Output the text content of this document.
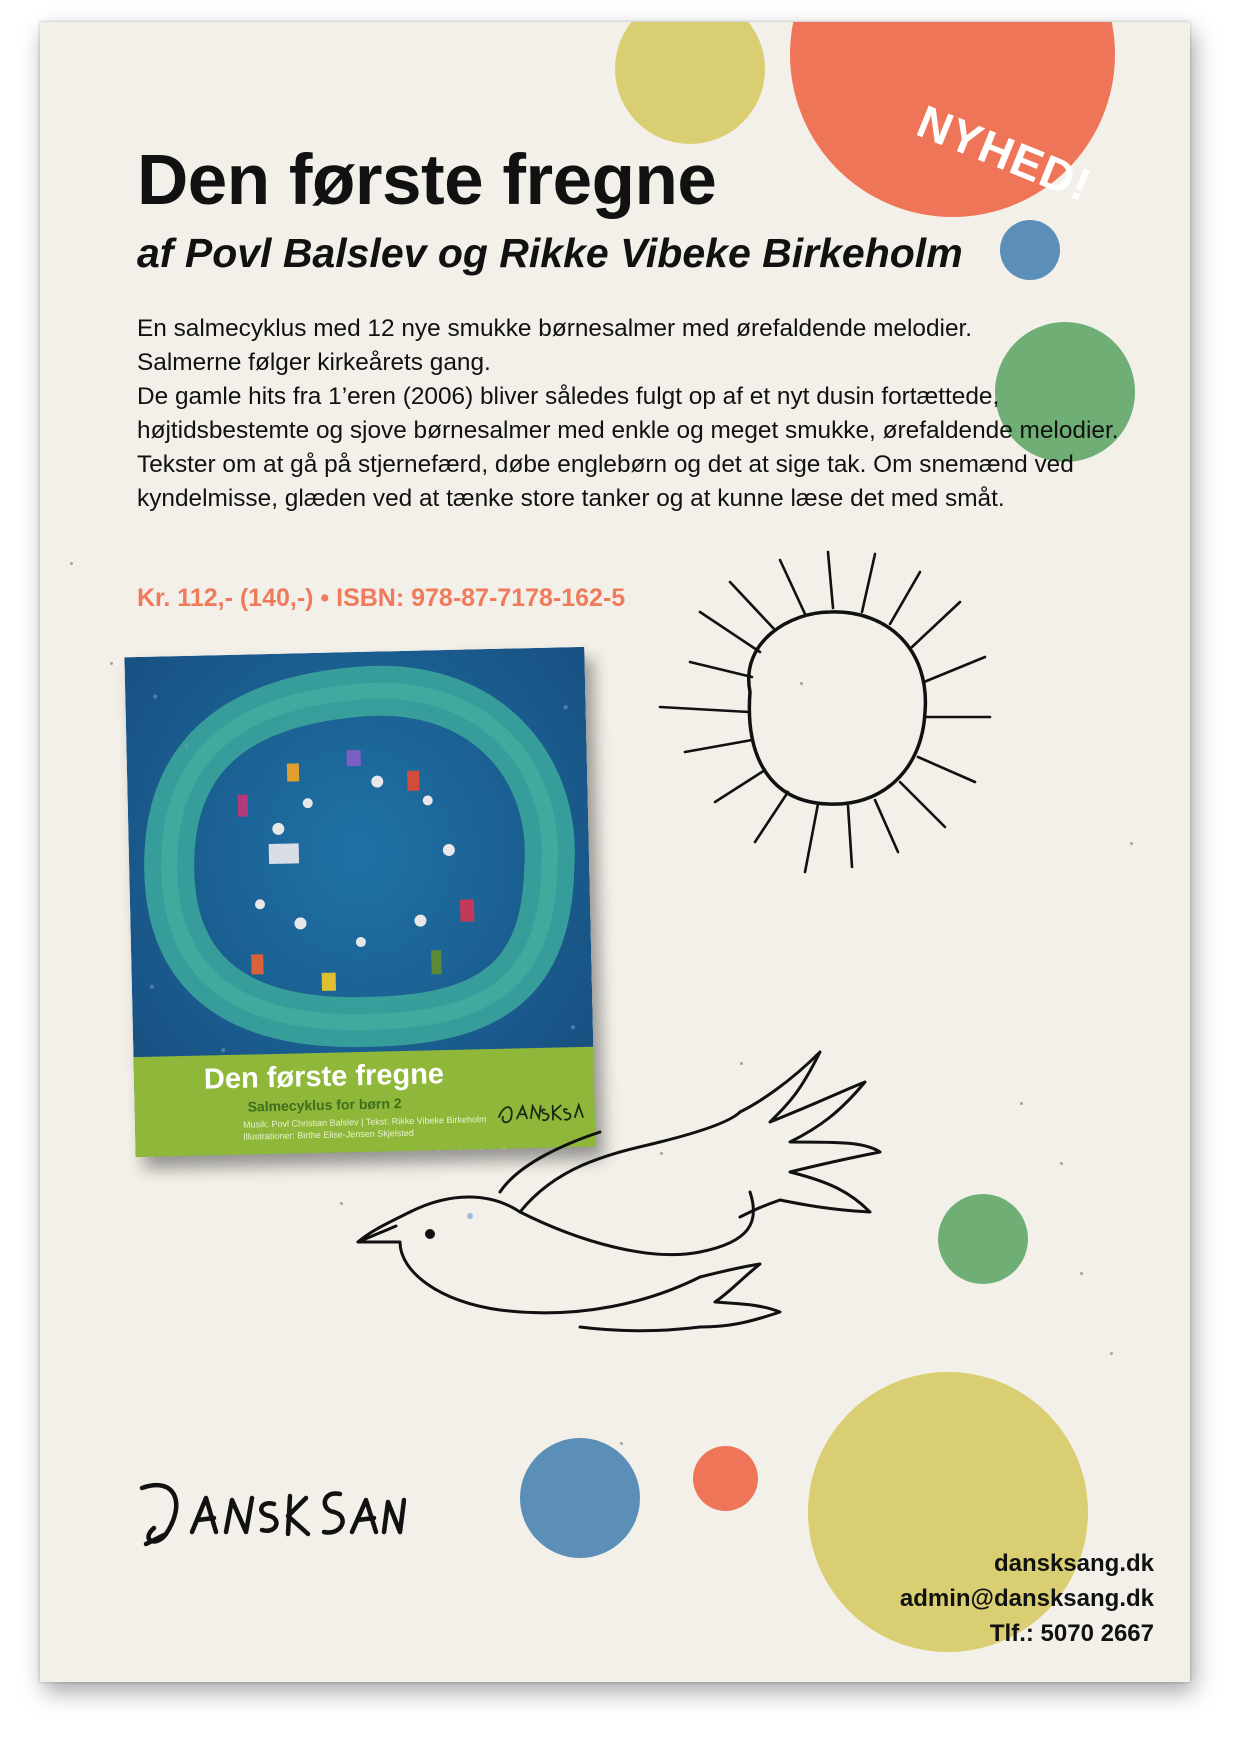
NYHED!
Den første fregne
af Povl Balslev og Rikke Vibeke Birkeholm

En salmecyklus med 12 nye smukke børnesalmer med ørefaldende melodier.

Salmerne følger kirkeårets gang.

De gamle hits fra 1’eren (2006) bliver således fulgt op af et nyt dusin fortættede, højtidsbestemte og sjove børnesalmer med enkle og meget smukke, ørefaldende melodier. Tekster om at gå på stjernefærd, døbe englebørn og det at sige tak. Om snemænd ved kyndelmisse, glæden ved at tænke store tanker og at kunne læse det med småt.

Kr. 112,- (140,-) • ISBN: 978-87-7178-162-5
Den første fregne
Salmecyklus for børn 2
Musik: Povl Christian Balslev | Tekst: Rikke Vibeke Birkeholm
Illustrationer: Birthe Elise-Jensen Skjelsted
dansksang.dk
admin@dansksang.dk
Tlf.: 5070 2667
